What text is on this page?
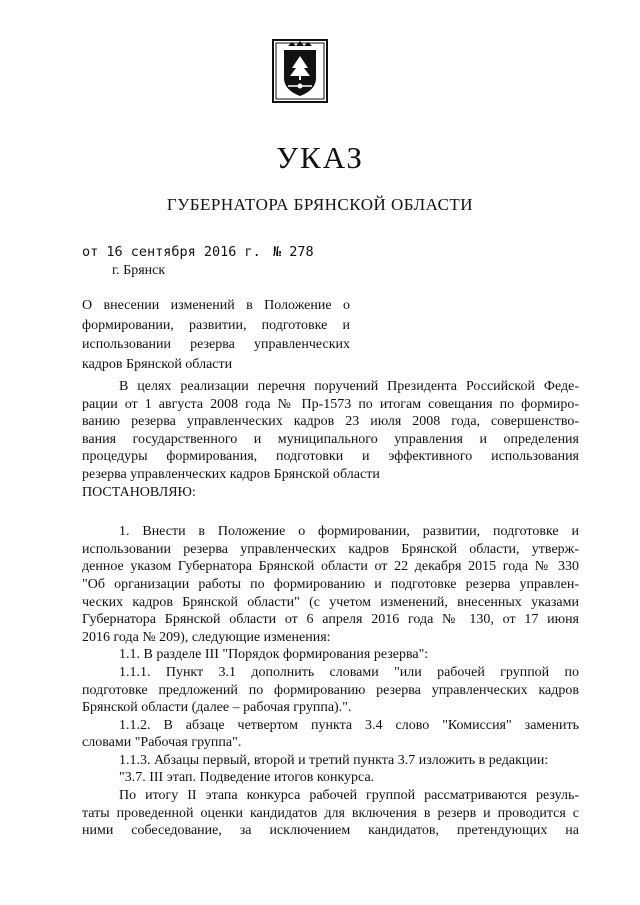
УКАЗ
ГУБЕРНАТОРА БРЯНСКОЙ ОБЛАСТИ
от 16 сентября 2016 г. № 278
г. Брянск
О внесении изменений в Положение о
формировании, развитии, подготовке и
использовании резерва управленческих
кадров Брянской области
В целях реализации перечня поручений Президента Российской Феде-
рации от 1 августа 2008 года № Пр-1573 по итогам совещания по формиро-
ванию резерва управленческих кадров 23 июля 2008 года, совершенство-
вания государственного и муниципального управления и определения
процедуры формирования, подготовки и эффективного использования
резерва управленческих кадров Брянской области
ПОСТАНОВЛЯЮ:
1. Внести в Положение о формировании, развитии, подготовке и
использовании резерва управленческих кадров Брянской области, утверж-
денное указом Губернатора Брянской области от 22 декабря 2015 года № 330
"Об организации работы по формированию и подготовке резерва управлен-
ческих кадров Брянской области" (с учетом изменений, внесенных указами
Губернатора Брянской области от 6 апреля 2016 года № 130, от 17 июня
2016 года № 209), следующие изменения:
1.1. В разделе III "Порядок формирования резерва":
1.1.1. Пункт 3.1 дополнить словами "или рабочей группой по
подготовке предложений по формированию резерва управленческих кадров
Брянской области (далее – рабочая группа).".
1.1.2. В абзаце четвертом пункта 3.4 слово "Комиссия" заменить
словами "Рабочая группа".
1.1.3. Абзацы первый, второй и третий пункта 3.7 изложить в редакции:
"3.7. III этап. Подведение итогов конкурса.
По итогу II этапа конкурса рабочей группой рассматриваются резуль-
таты проведенной оценки кандидатов для включения в резерв и проводится с
ними собеседование, за исключением кандидатов, претендующих на
